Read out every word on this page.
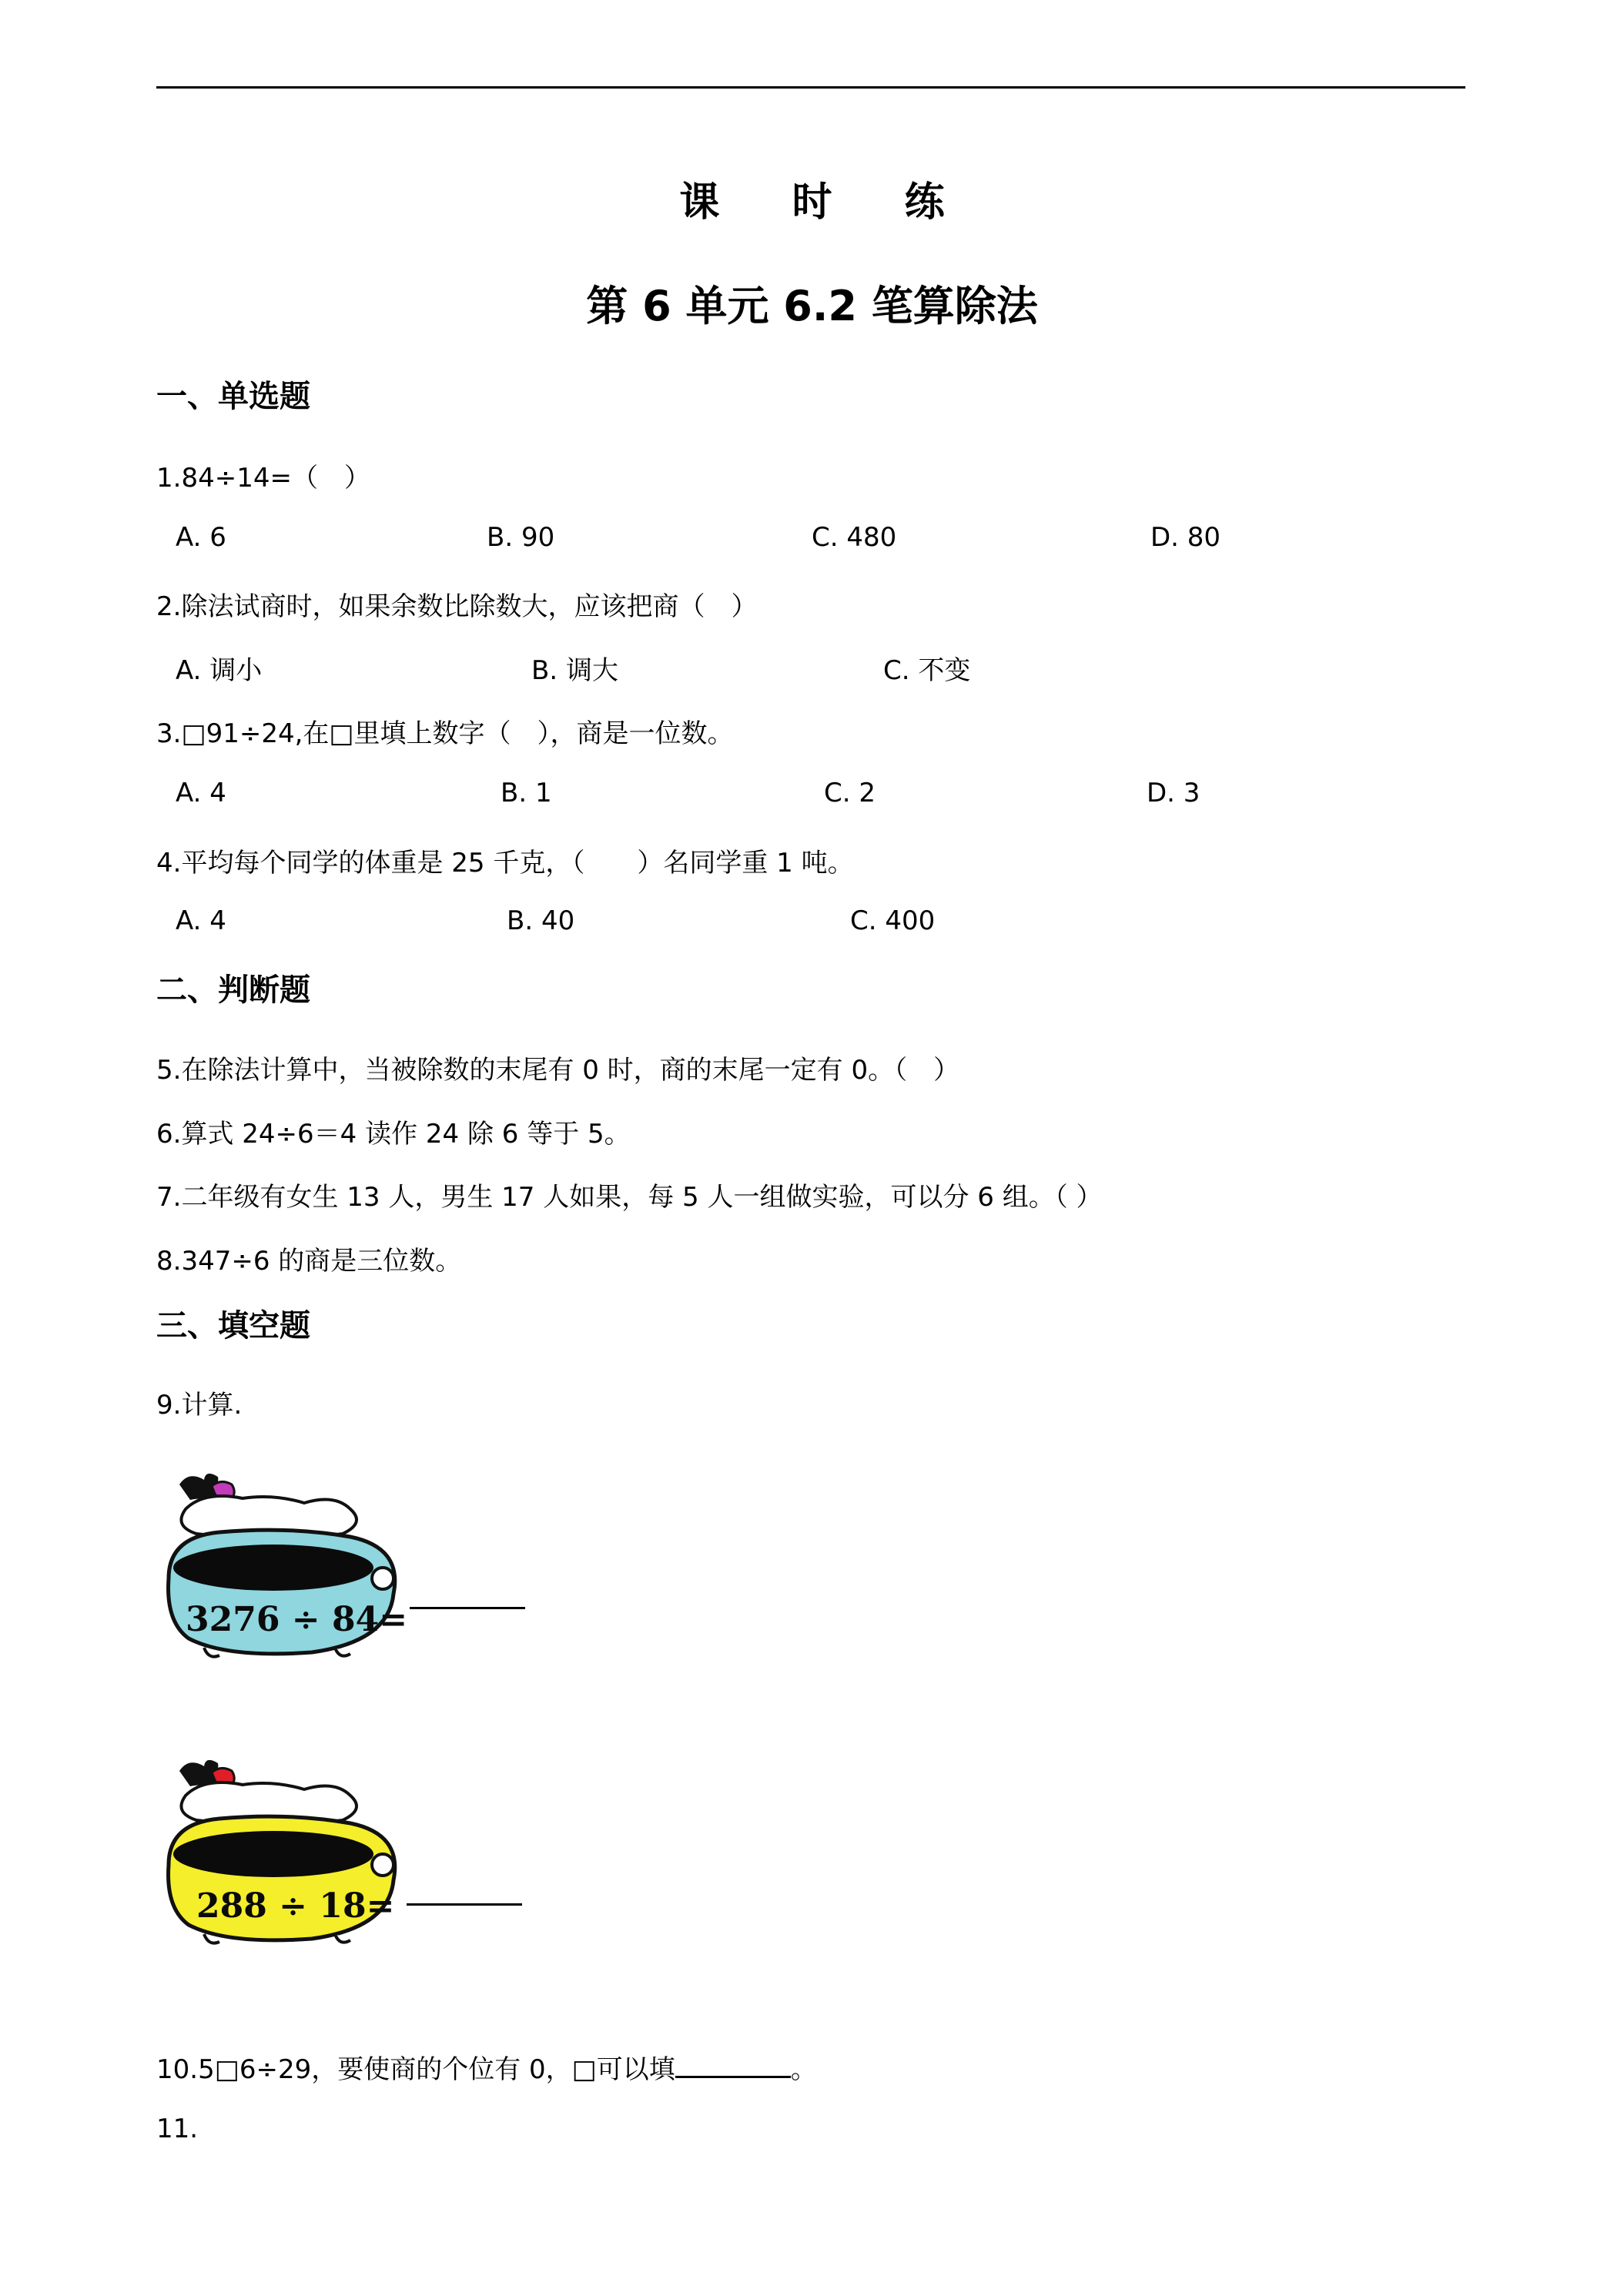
课 时 练
第 6 单元 6.2 笔算除法
一、单选题
1.84÷14=（　）
A. 6	B. 90	C. 480	D. 80
2.除法试商时，如果余数比除数大，应该把商（　）
A. 调小	B. 调大	C. 不变
3.□91÷24,在□里填上数字（　），商是一位数。
A. 4	B. 1	C. 2	D. 3
4.平均每个同学的体重是 25 千克，（　　）名同学重 1 吨。
A. 4	B. 40	C. 400
二、判断题
5.在除法计算中，当被除数的末尾有 0 时，商的末尾一定有 0。（　）
6.算式 24÷6＝4 读作 24 除 6 等于 5。
7.二年级有女生 13 人，男生 17 人如果，每 5 人一组做实验，可以分 6 组。（ ）
8.347÷6 的商是三位数。
三、填空题
9.计算.
3276 ÷ 84=
288 ÷ 18=
10.5□6÷29，要使商的个位有 0，□可以填	。
11.
